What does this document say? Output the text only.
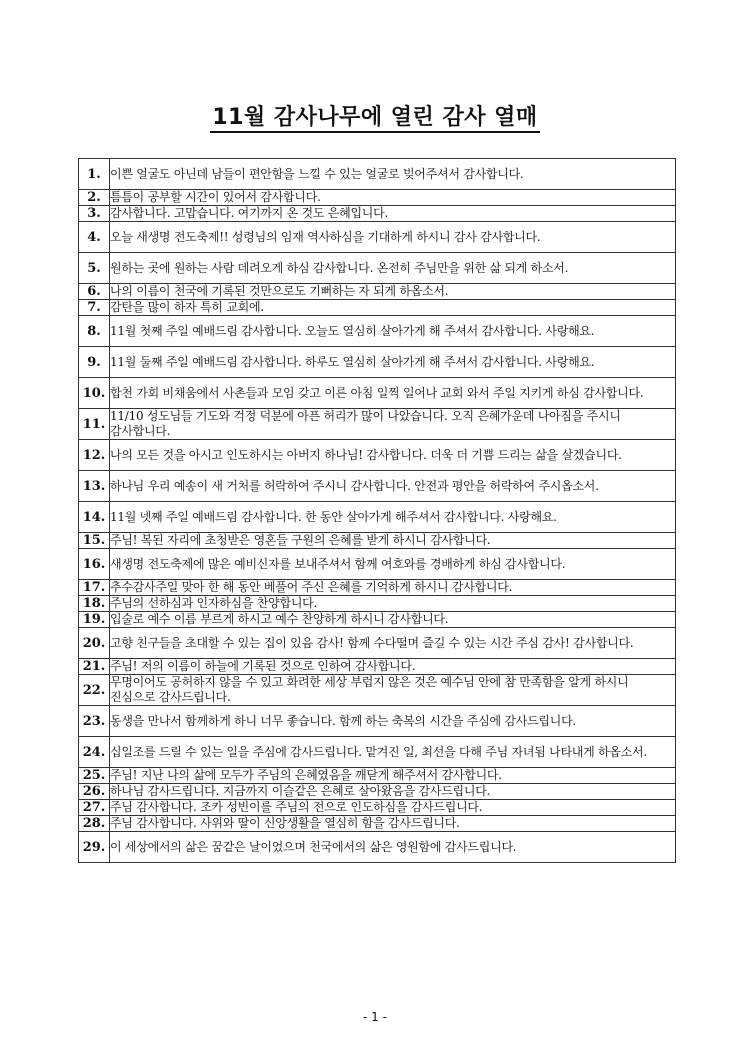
11월 감사나무에 열린 감사 열매
1.	이쁜 얼굴도 아닌데 남들이 편안함을 느낄 수 있는 얼굴로 빚어주셔서 감사합니다.
2.	틈틈이 공부할 시간이 있어서 감사합니다.
3.	감사합니다. 고맙습니다. 여기까지 온 것도 은혜입니다.
4.	오늘 새생명 전도축제!! 성령님의 임재 역사하심을 기대하게 하시니 감사 감사합니다.
5.	원하는 곳에 원하는 사람 데려오게 하심 감사합니다. 온전히 주님만을 위한 삶 되게 하소서.
6.	나의 이름이 천국에 기록된 것만으로도 기뻐하는 자 되게 하옵소서.
7.	감탄을 많이 하자 특히 교회에.
8.	11월 첫째 주일 예배드림 감사합니다. 오늘도 열심히 살아가게 해 주셔서 감사합니다. 사랑해요.
9.	11월 둘째 주일 예배드림 감사합니다. 하루도 열심히 살아가게 해 주셔서 감사합니다. 사랑해요.
10.	합천 가회 비채움에서 사촌들과 모임 갖고 이른 아침 일찍 일어나 교회 와서 주일 지키게 하심 감사합니다.
11.	11/10 성도님들 기도와 걱정 덕분에 아픈 허리가 많이 나았습니다. 오직 은혜가운데 나아짐을 주시니 감사합니다.
12.	나의 모든 것을 아시고 인도하시는 아버지 하나님! 감사합니다. 더욱 더 기쁨 드리는 삶을 살겠습니다.
13.	하나님 우리 예송이 새 거처를 허락하여 주시니 감사합니다. 안전과 평안을 허락하여 주시옵소서.
14.	11월 넷째 주일 예배드림 감사합니다. 한 동안 살아가게 해주셔서 감사합니다. 사랑해요.
15.	주님! 복된 자리에 초청받은 영혼들 구원의 은혜를 받게 하시니 감사합니다.
16.	새생명 전도축제에 많은 예비신자를 보내주셔서 함께 여호와를 경배하게 하심 감사합니다.
17.	추수감사주일 맞아 한 해 동안 베풀어 주신 은혜를 기억하게 하시니 감사합니다.
18.	주님의 선하심과 인자하심을 찬양합니다.
19.	입술로 예수 이름 부르게 하시고 예수 찬양하게 하시니 감사합니다.
20.	고향 친구들을 초대할 수 있는 집이 있음 감사! 함께 수다떨며 즐길 수 있는 시간 주심 감사! 감사합니다.
21.	주님! 저의 이름이 하늘에 기록된 것으로 인하여 감사합니다.
22.	무명이어도 공허하지 않을 수 있고 화려한 세상 부럽지 않은 것은 예수님 안에 참 만족함을 알게 하시니 진심으로 감사드립니다.
23.	동생을 만나서 함께하게 하니 너무 좋습니다. 함께 하는 축복의 시간을 주심에 감사드립니다.
24.	십일조를 드릴 수 있는 일을 주심에 감사드립니다. 맡겨진 일, 최선을 다해 주님 자녀됨 나타내게 하옵소서.
25.	주님! 지난 나의 삶에 모두가 주님의 은혜였음을 깨닫게 해주셔서 감사합니다.
26.	하나님 감사드립니다. 지금까지 이슬같은 은혜로 살아왔음을 감사드립니다.
27.	주님 감사합니다. 조카 성빈이를 주님의 전으로 인도하심을 감사드립니다.
28.	주님 감사합니다. 사위와 딸이 신앙생활을 열심히 함을 감사드립니다.
29.	이 세상에서의 삶은 꿈같은 날이었으며 천국에서의 삶은 영원함에 감사드립니다.
- 1 -
